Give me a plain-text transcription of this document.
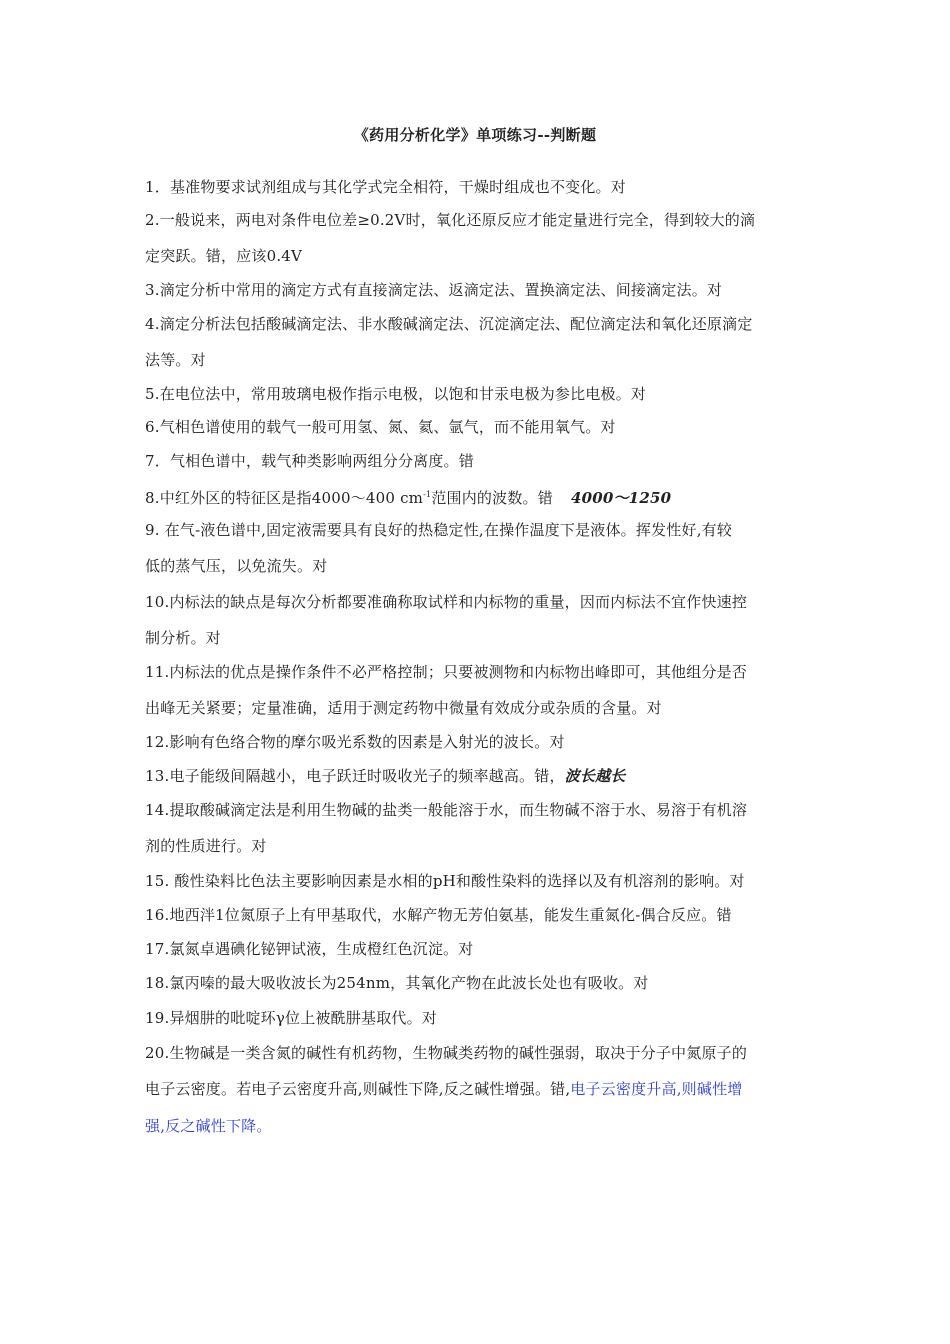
《药用分析化学》单项练习--判断题
1．基准物要求试剂组成与其化学式完全相符，干燥时组成也不变化。对
2.一般说来，两电对条件电位差≥0.2V时，氧化还原反应才能定量进行完全，得到较大的滴
定突跃。错，应该0.4V
3.滴定分析中常用的滴定方式有直接滴定法、返滴定法、置换滴定法、间接滴定法。对
4.滴定分析法包括酸碱滴定法、非水酸碱滴定法、沉淀滴定法、配位滴定法和氧化还原滴定
法等。对
5.在电位法中，常用玻璃电极作指示电极，以饱和甘汞电极为参比电极。对
6.气相色谱使用的载气一般可用氢、氮、氦、氩气，而不能用氧气。对
7．气相色谱中，载气种类影响两组分分离度。错
8.中红外区的特征区是指4000～400 $cm^{-1}$范围内的波数。错 4000～1250
9. 在气-液色谱中,固定液需要具有良好的热稳定性,在操作温度下是液体。挥发性好,有较
低的蒸气压，以免流失。对
10.内标法的缺点是每次分析都要准确称取试样和内标物的重量，因而内标法不宜作快速控
制分析。对
11.内标法的优点是操作条件不必严格控制；只要被测物和内标物出峰即可，其他组分是否
出峰无关紧要；定量准确，适用于测定药物中微量有效成分或杂质的含量。对
12.影响有色络合物的摩尔吸光系数的因素是入射光的波长。对
13.电子能级间隔越小，电子跃迁时吸收光子的频率越高。错，波长越长
14.提取酸碱滴定法是利用生物碱的盐类一般能溶于水，而生物碱不溶于水、易溶于有机溶
剂的性质进行。对
15. 酸性染料比色法主要影响因素是水相的pH和酸性染料的选择以及有机溶剂的影响。对
16.地西泮1位氮原子上有甲基取代，水解产物无芳伯氨基，能发生重氮化-偶合反应。错
17.氯氮卓遇碘化铋钾试液，生成橙红色沉淀。对
18.氯丙嗪的最大吸收波长为254nm，其氧化产物在此波长处也有吸收。对
19.异烟肼的吡啶环γ位上被酰肼基取代。对
20.生物碱是一类含氮的碱性有机药物，生物碱类药物的碱性强弱，取决于分子中氮原子的
电子云密度。若电子云密度升高,则碱性下降,反之碱性增强。错,电子云密度升高,则碱性增
强,反之碱性下降。
